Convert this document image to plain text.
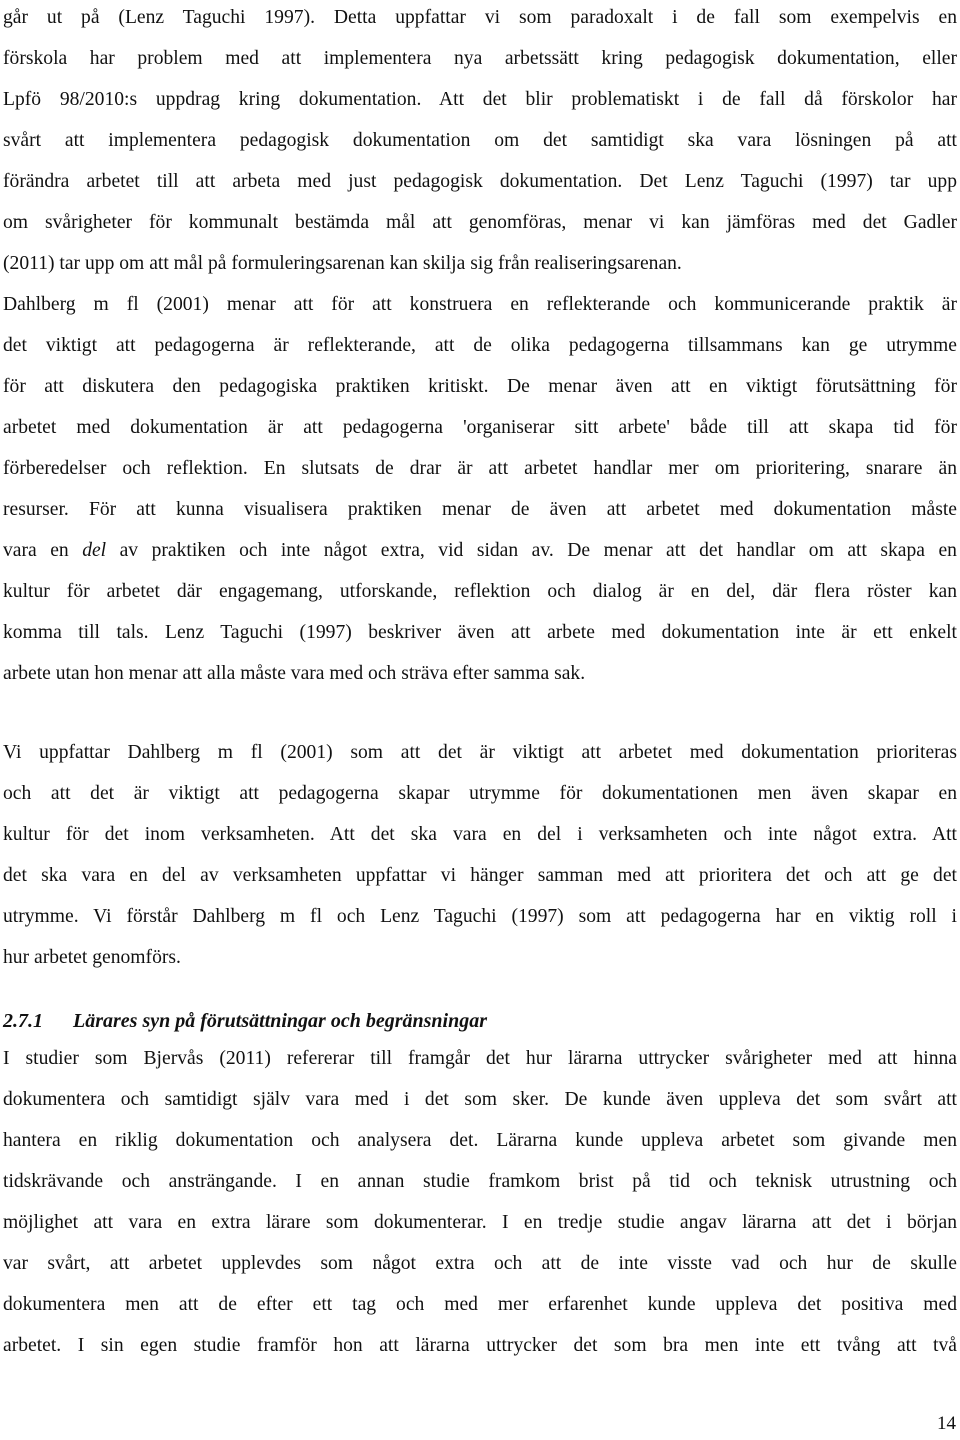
går ut på (Lenz Taguchi 1997). Detta uppfattar vi som paradoxalt i de fall som exempelvis en
förskola har problem med att implementera nya arbetssätt kring pedagogisk dokumentation, eller
Lpfö 98/2010:s uppdrag kring dokumentation. Att det blir problematiskt i de fall då förskolor har
svårt att implementera pedagogisk dokumentation om det samtidigt ska vara lösningen på att
förändra arbetet till att arbeta med just pedagogisk dokumentation. Det Lenz Taguchi (1997) tar upp
om svårigheter för kommunalt bestämda mål att genomföras, menar vi kan jämföras med det Gadler
(2011) tar upp om att mål på formuleringsarenan kan skilja sig från realiseringsarenan.
Dahlberg m fl (2001) menar att för att konstruera en reflekterande och kommunicerande praktik är
det viktigt att pedagogerna är reflekterande, att de olika pedagogerna tillsammans kan ge utrymme
för att diskutera den pedagogiska praktiken kritiskt. De menar även att en viktigt förutsättning för
arbetet med dokumentation är att pedagogerna 'organiserar sitt arbete' både till att skapa tid för
förberedelser och reflektion. En slutsats de drar är att arbetet handlar mer om prioritering, snarare än
resurser. För att kunna visualisera praktiken menar de även att arbetet med dokumentation måste
vara en del av praktiken och inte något extra, vid sidan av. De menar att det handlar om att skapa en
kultur för arbetet där engagemang, utforskande, reflektion och dialog är en del, där flera röster kan
komma till tals. Lenz Taguchi (1997) beskriver även att arbete med dokumentation inte är ett enkelt
arbete utan hon menar att alla måste vara med och sträva efter samma sak.
Vi uppfattar Dahlberg m fl (2001) som att det är viktigt att arbetet med dokumentation prioriteras
och att det är viktigt att pedagogerna skapar utrymme för dokumentationen men även skapar en
kultur för det inom verksamheten. Att det ska vara en del i verksamheten och inte något extra. Att
det ska vara en del av verksamheten uppfattar vi hänger samman med att prioritera det och att ge det
utrymme. Vi förstår Dahlberg m fl och Lenz Taguchi (1997) som att pedagogerna har en viktig roll i
hur arbetet genomförs.
2.7.1 Lärares syn på förutsättningar och begränsningar
I studier som Bjervås (2011) refererar till framgår det hur lärarna uttrycker svårigheter med att hinna
dokumentera och samtidigt själv vara med i det som sker. De kunde även uppleva det som svårt att
hantera en riklig dokumentation och analysera det. Lärarna kunde uppleva arbetet som givande men
tidskrävande och ansträngande. I en annan studie framkom brist på tid och teknisk utrustning och
möjlighet att vara en extra lärare som dokumenterar. I en tredje studie angav lärarna att det i början
var svårt, att arbetet upplevdes som något extra och att de inte visste vad och hur de skulle
dokumentera men att de efter ett tag och med mer erfarenhet kunde uppleva det positiva med
arbetet. I sin egen studie framför hon att lärarna uttrycker det som bra men inte ett tvång att två
14
